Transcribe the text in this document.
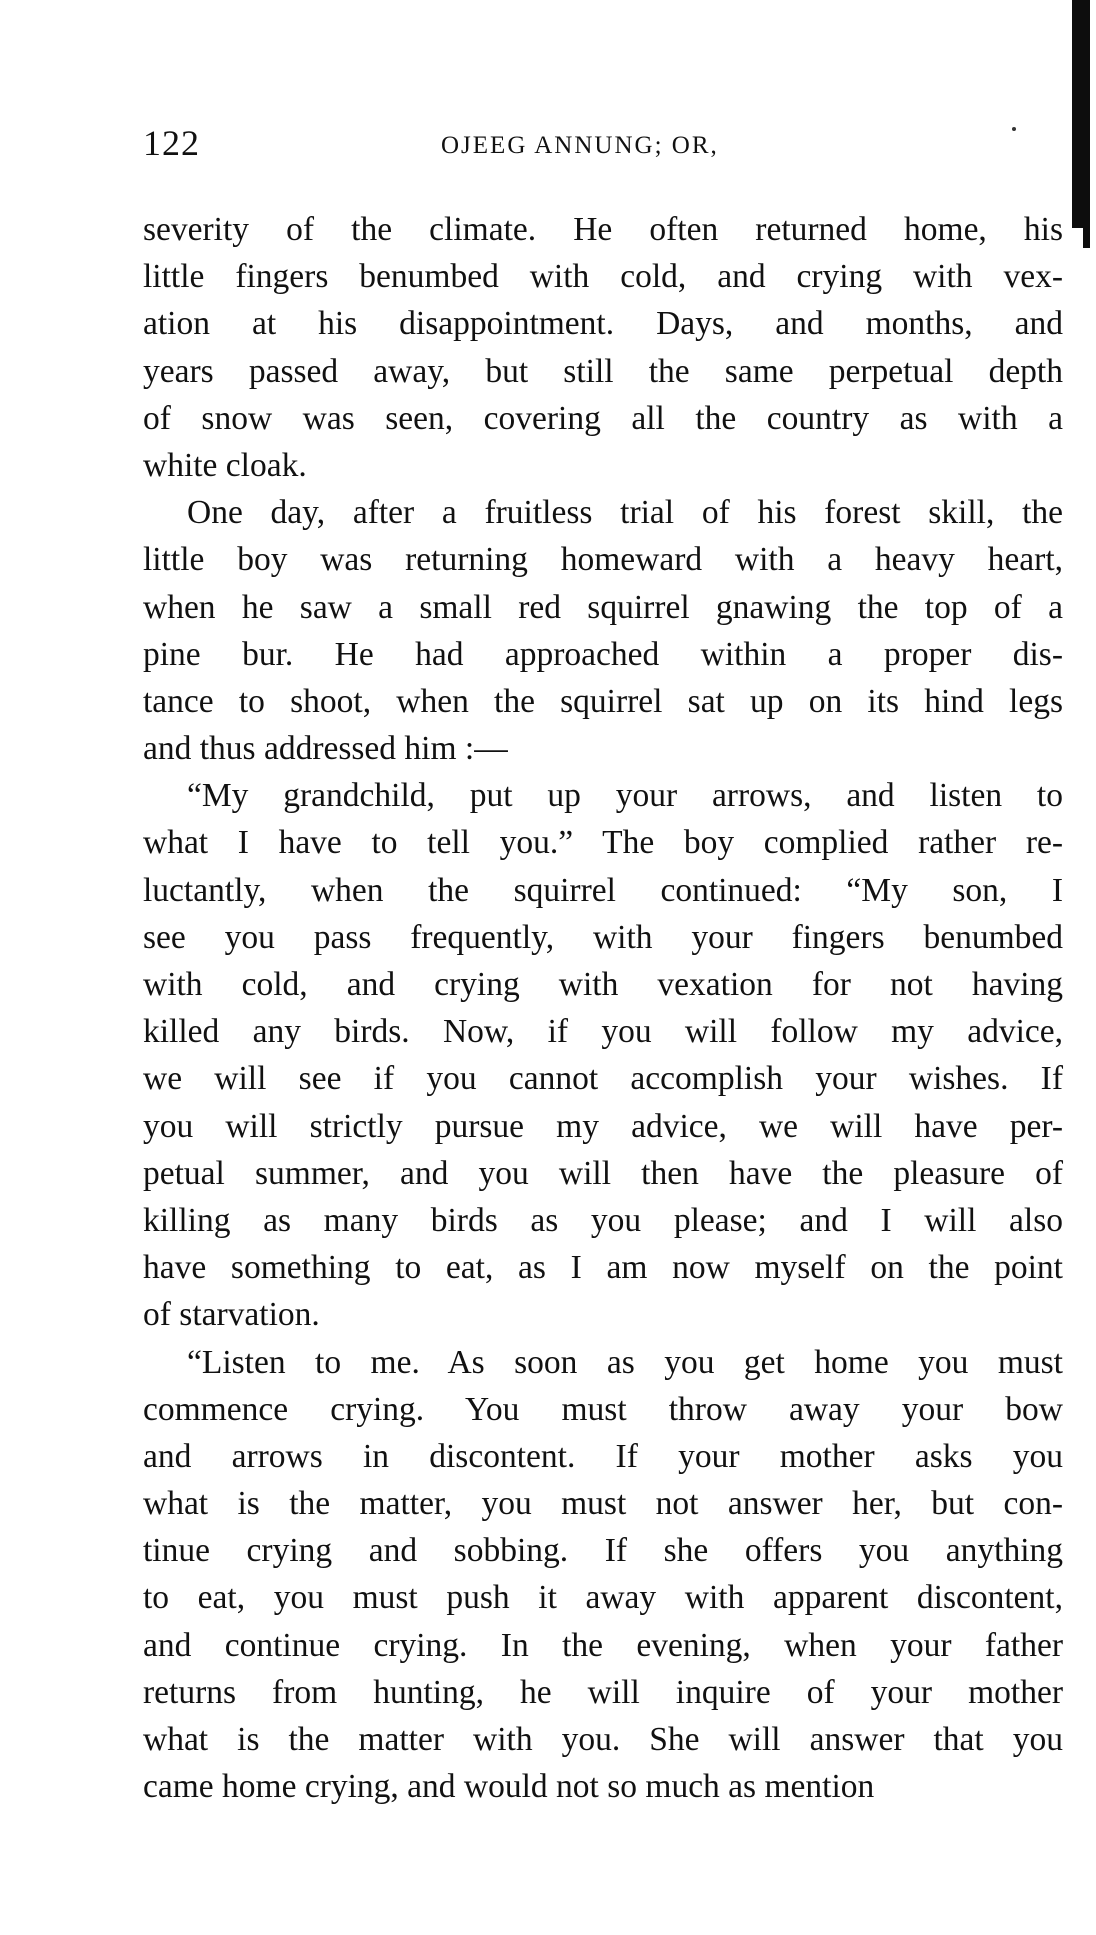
122	OJEEG ANNUNG; OR,
severity of the climate. He often returned home, his
little fingers benumbed with cold, and crying with vex-
ation at his disappointment. Days, and months, and
years passed away, but still the same perpetual depth
of snow was seen, covering all the country as with a
white cloak.
One day, after a fruitless trial of his forest skill, the
little boy was returning homeward with a heavy heart,
when he saw a small red squirrel gnawing the top of a
pine bur. He had approached within a proper dis-
tance to shoot, when the squirrel sat up on its hind legs
and thus addressed him :—
“My grandchild, put up your arrows, and listen to
what I have to tell you.” The boy complied rather re-
luctantly, when the squirrel continued: “My son, I
see you pass frequently, with your fingers benumbed
with cold, and crying with vexation for not having
killed any birds. Now, if you will follow my advice,
we will see if you cannot accomplish your wishes. If
you will strictly pursue my advice, we will have per-
petual summer, and you will then have the pleasure of
killing as many birds as you please; and I will also
have something to eat, as I am now myself on the point
of starvation.
“Listen to me. As soon as you get home you must
commence crying. You must throw away your bow
and arrows in discontent. If your mother asks you
what is the matter, you must not answer her, but con-
tinue crying and sobbing. If she offers you anything
to eat, you must push it away with apparent discontent,
and continue crying. In the evening, when your father
returns from hunting, he will inquire of your mother
what is the matter with you. She will answer that you
came home crying, and would not so much as mention
